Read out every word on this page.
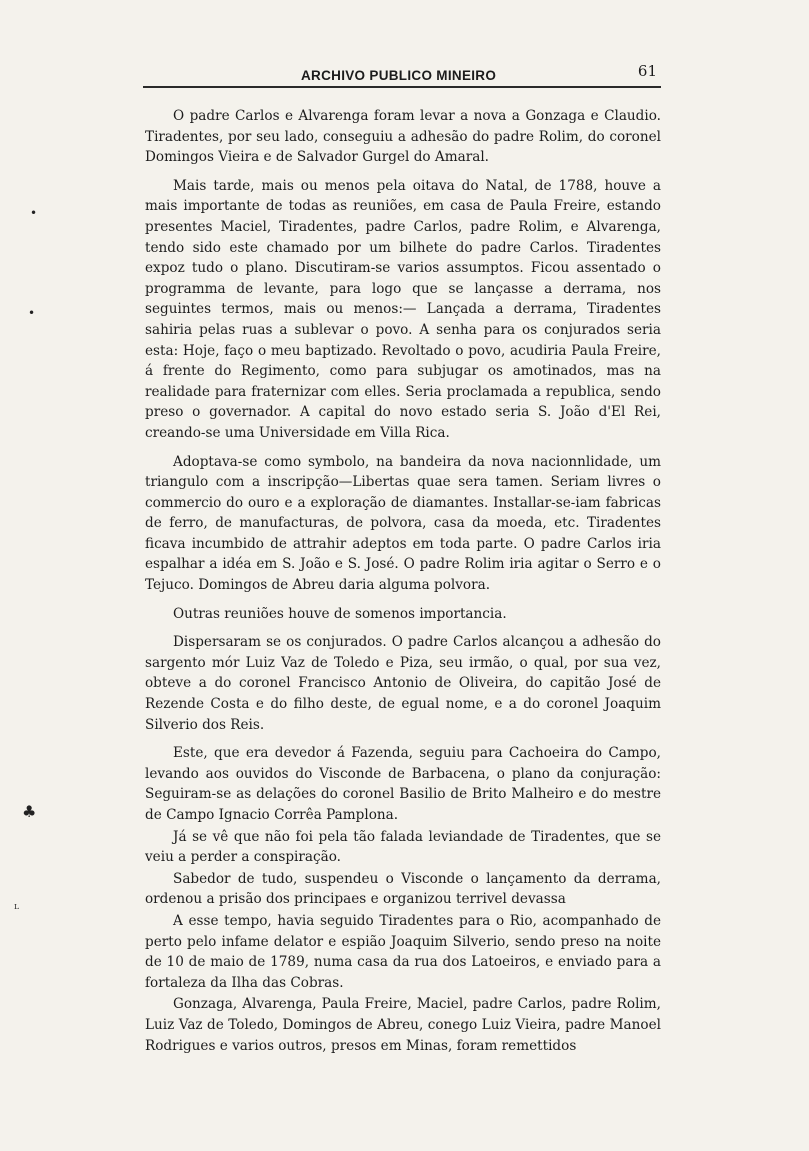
ARCHIVO PUBLICO MINEIRO	61
•
•
♣
ᴸ

O padre Carlos e Alvarenga foram levar a nova a Gonzaga e Claudio. Tiradentes, por seu lado, conseguiu a adhesão do padre Rolim, do coronel Domingos Vieira e de Salvador Gurgel do Amaral.

Mais tarde, mais ou menos pela oitava do Natal, de 1788, houve a mais importante de todas as reuniões, em casa de Paula Freire, estando presentes Maciel, Tiradentes, padre Carlos, padre Rolim, e Alvarenga, tendo sido este chamado por um bilhete do padre Carlos. Tiradentes expoz tudo o plano. Discutiram-se varios assumptos. Ficou assentado o programma de levante, para logo que se lançasse a derrama, nos seguintes termos, mais ou menos:— Lançada a derrama, Tiradentes sahiria pelas ruas a sublevar o povo. A senha para os conjurados seria esta: Hoje, faço o meu baptizado. Revoltado o povo, acudiria Paula Freire, á frente do Regimento, como para subjugar os amotinados, mas na realidade para fraternizar com elles. Seria proclamada a republica, sendo preso o governador. A capital do novo estado seria S. João d'El Rei, creando-se uma Universidade em Villa Rica.

Adoptava-se como symbolo, na bandeira da nova nacionnlidade, um triangulo com a inscripção—Libertas quae sera tamen. Seriam livres o commercio do ouro e a exploração de diamantes. Installar-se-iam fabricas de ferro, de manufacturas, de polvora, casa da moeda, etc. Tiradentes ficava incumbido de attrahir adeptos em toda parte. O padre Carlos iria espalhar a idéa em S. João e S. José. O padre Rolim iria agitar o Serro e o Tejuco. Domingos de Abreu daria alguma polvora.

Outras reuniões houve de somenos importancia.

Dispersaram se os conjurados. O padre Carlos alcançou a adhesão do sargento mór Luiz Vaz de Toledo e Piza, seu irmão, o qual, por sua vez, obteve a do coronel Francisco Antonio de Oliveira, do capitão José de Rezende Costa e do filho deste, de egual nome, e a do coronel Joaquim Silverio dos Reis.

Este, que era devedor á Fazenda, seguiu para Cachoeira do Campo, levando aos ouvidos do Visconde de Barbacena, o plano da conjuração: Seguiram-se as delações do coronel Basilio de Brito Malheiro e do mestre de Campo Ignacio Corrêa Pamplona.

Já se vê que não foi pela tão falada leviandade de Tiradentes, que se veiu a perder a conspiração.

Sabedor de tudo, suspendeu o Visconde o lançamento da derrama, ordenou a prisão dos principaes e organizou terrivel devassa

A esse tempo, havia seguido Tiradentes para o Rio, acompanhado de perto pelo infame delator e espião Joaquim Silverio, sendo preso na noite de 10 de maio de 1789, numa casa da rua dos Latoeiros, e enviado para a fortaleza da Ilha das Cobras.

Gonzaga, Alvarenga, Paula Freire, Maciel, padre Carlos, padre Rolim, Luiz Vaz de Toledo, Domingos de Abreu, conego Luiz Vieira, padre Manoel Rodrigues e varios outros, presos em Minas, foram remettidos
